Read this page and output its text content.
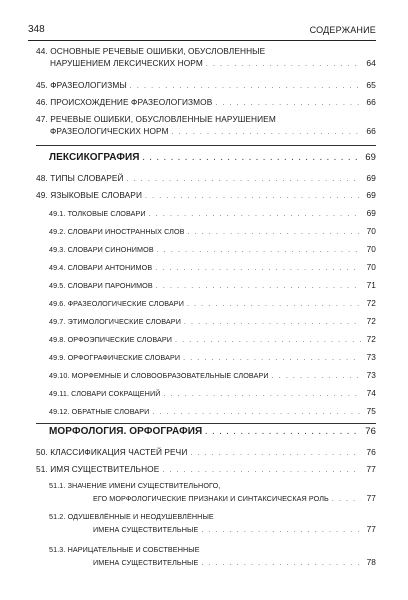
348	СОДЕРЖАНИЕ
44. ОСНОВНЫЕ РЕЧЕВЫЕ ОШИБКИ, ОБУСЛОВЛЕННЫЕ
НАРУШЕНИЕМ ЛЕКСИЧЕСКИХ НОРМ . . .	64
45. ФРАЗЕОЛОГИЗМЫ . . .	65
46. ПРОИСХОЖДЕНИЕ ФРАЗЕОЛОГИЗМОВ . . .	66
47. РЕЧЕВЫЕ ОШИБКИ, ОБУСЛОВЛЕННЫЕ НАРУШЕНИЕМ
ФРАЗЕОЛОГИЧЕСКИХ НОРМ . . .	66
ЛЕКСИКОГРАФИЯ . . .	69
48. ТИПЫ СЛОВАРЕЙ . . .	69
49. ЯЗЫКОВЫЕ СЛОВАРИ . . .	69
49.1. ТОЛКОВЫЕ СЛОВАРИ . . .	69
49.2. СЛОВАРИ ИНОСТРАННЫХ СЛОВ . . .	70
49.3. СЛОВАРИ СИНОНИМОВ . . .	70
49.4. СЛОВАРИ АНТОНИМОВ . . .	70
49.5. СЛОВАРИ ПАРОНИМОВ . . .	71
49.6. ФРАЗЕОЛОГИЧЕСКИЕ СЛОВАРИ . . .	72
49.7. ЭТИМОЛОГИЧЕСКИЕ СЛОВАРИ . . .	72
49.8. ОРФОЭПИЧЕСКИЕ СЛОВАРИ . . .	72
49.9. ОРФОГРАФИЧЕСКИЕ СЛОВАРИ . . .	73
49.10. МОРФЕМНЫЕ И СЛОВООБРАЗОВАТЕЛЬНЫЕ СЛОВАРИ . . .	73
49.11. СЛОВАРИ СОКРАЩЕНИЙ . . .	74
49.12. ОБРАТНЫЕ СЛОВАРИ . . .	75
МОРФОЛОГИЯ. ОРФОГРАФИЯ . . .	76
50. КЛАССИФИКАЦИЯ ЧАСТЕЙ РЕЧИ . . .	76
51. ИМЯ СУЩЕСТВИТЕЛЬНОЕ . . .	77
51.1. ЗНАЧЕНИЕ ИМЕНИ СУЩЕСТВИТЕЛЬНОГО,
ЕГО МОРФОЛОГИЧЕСКИЕ ПРИЗНАКИ И СИНТАКСИЧЕСКАЯ РОЛЬ . . .	77
51.2. ОДУШЕВЛЁННЫЕ И НЕОДУШЕВЛЁННЫЕ
ИМЕНА СУЩЕСТВИТЕЛЬНЫЕ . . .	77
51.3. НАРИЦАТЕЛЬНЫЕ И СОБСТВЕННЫЕ
ИМЕНА СУЩЕСТВИТЕЛЬНЫЕ . . .	78
